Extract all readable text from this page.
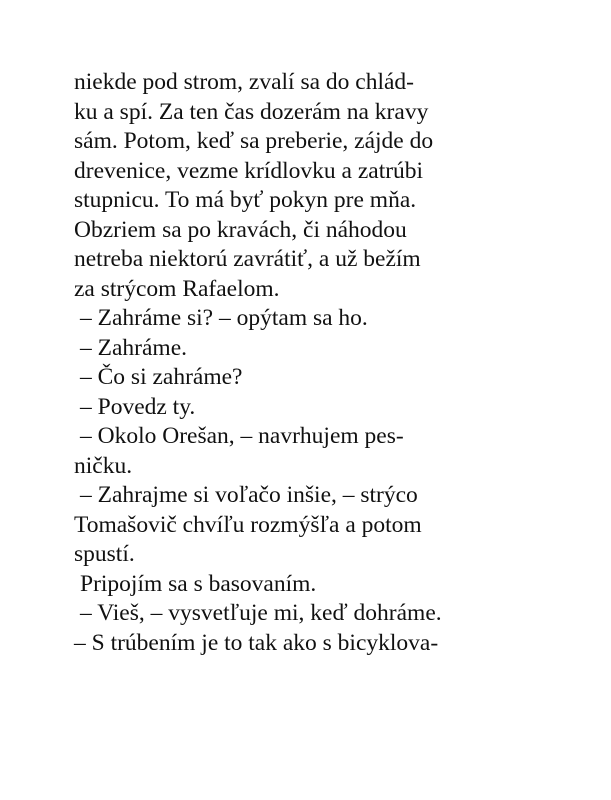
niekde pod strom, zvalí sa do chlád-
ku a spí. Za ten čas dozerám na kravy
sám. Potom, keď sa preberie, zájde do
drevenice, vezme krídlovku a zatrúbi
stupnicu. To má byť pokyn pre mňa.
Obzriem sa po kravách, či náhodou
netreba niektorú zavrátiť, a už bežím
za strýcom Rafaelom.
– Zahráme si? – opýtam sa ho.
– Zahráme.
– Čo si zahráme?
– Povedz ty.
– Okolo Orešan, – navrhujem pes-
ničku.
– Zahrajme si voľačo inšie, – strýco
Tomašovič chvíľu rozmýšľa a potom
spustí.
Pripojím sa s basovaním.
– Vieš, – vysvetľuje mi, keď dohráme.
– S trúbením je to tak ako s bicyklova-
